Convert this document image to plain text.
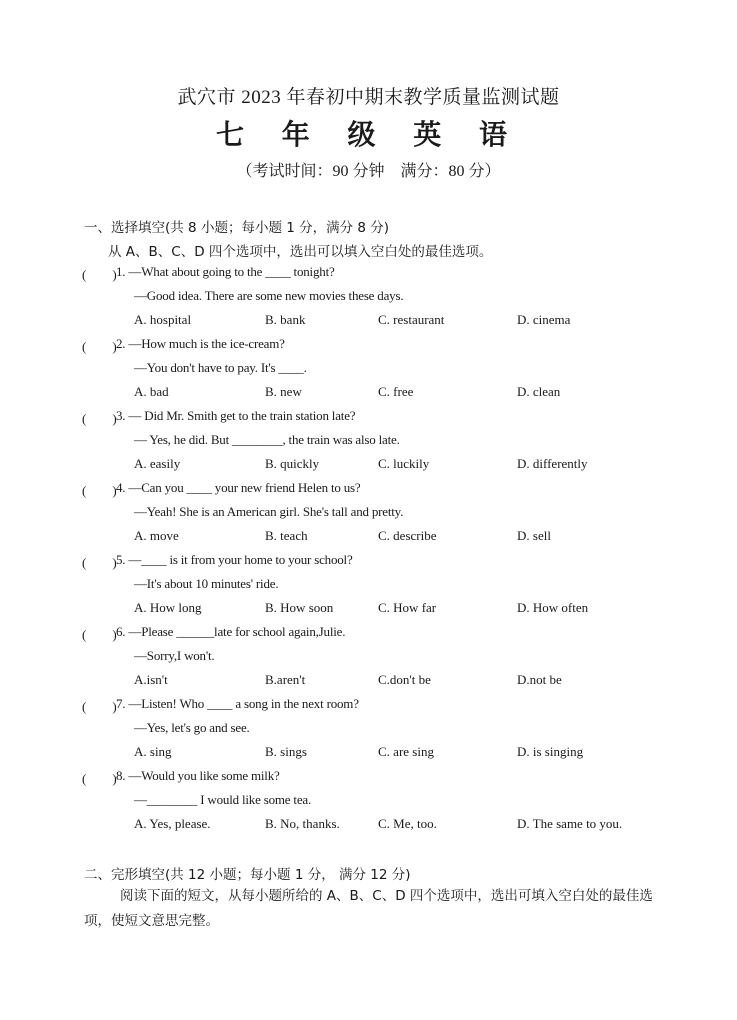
武穴市 2023 年春初中期末教学质量监测试题
七 年 级 英 语
（考试时间：90 分钟　满分：80 分）
一、选择填空(共 8 小题；每小题 1 分，满分 8 分)
从 A、B、C、D 四个选项中，选出可以填入空白处的最佳选项。
(　　) 1. —What about going to the ____ tonight?
—Good idea. There are some new movies these days.
A. hospital	B. bank	C. restaurant	D. cinema
(　　) 2. —How much is the ice-cream?
—You don't have to pay. It's ____.
A. bad	B. new	C. free	D. clean
(　　) 3. — Did Mr. Smith get to the train station late?
— Yes, he did. But ________, the train was also late.
A. easily	B. quickly	C. luckily	D. differently
(　　) 4. —Can you ____ your new friend Helen to us?
—Yeah! She is an American girl. She's tall and pretty.
A. move	B. teach	C. describe	D. sell
(　　) 5. —____ is it from your home to your school?
—It's about 10 minutes' ride.
A. How long	B. How soon	C. How far	D. How often
(　　) 6. —Please ______late for school again,Julie.
—Sorry,I won't.
A.isn't	B.aren't	C.don't be	D.not be
(　　) 7. —Listen! Who ____ a song in the next room?
—Yes, let's go and see.
A. sing	B. sings	C. are sing	D. is singing
(　　) 8. —Would you like some milk?
—________ I would like some tea.
A. Yes, please.	B. No, thanks.	C. Me, too.	D. The same to you.
二、完形填空(共 12 小题；每小题 1 分， 满分 12 分)
阅读下面的短文，从每小题所给的 A、B、C、D 四个选项中，选出可填入空白处的最佳选项，使短文意思完整。
